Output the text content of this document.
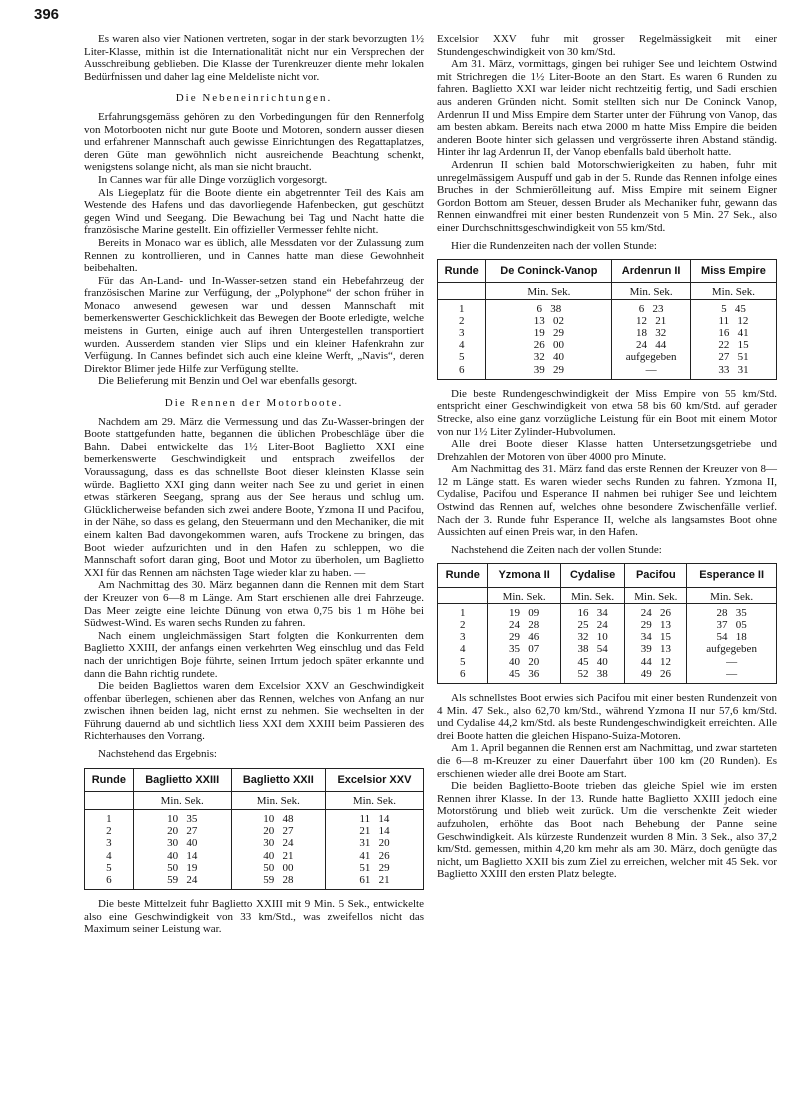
396

Es waren also vier Nationen vertreten, sogar in der stark bevorzugten 1½ Liter-Klasse, mithin ist die Internationalität nicht nur ein Versprechen der Ausschreibung geblieben. Die Klasse der Turenkreuzer diente mehr lokalen Bedürfnissen und daher lag eine Meldeliste nicht vor.

Die Nebeneinrichtungen.

Erfahrungsgemäss gehören zu den Vorbedingungen für den Rennerfolg von Motorbooten nicht nur gute Boote und Motoren, sondern ausser diesen und erfahrener Mannschaft auch gewisse Einrichtungen des Regattaplatzes, deren Güte man gewöhnlich nicht ausreichende Beachtung schenkt, wenigstens solange nicht, als man sie nicht braucht.

In Cannes war für alle Dinge vorzüglich vorgesorgt.

Als Liegeplatz für die Boote diente ein abgetrennter Teil des Kais am Westende des Hafens und das davorliegende Hafenbecken, gut geschützt gegen Wind und Seegang. Die Bewachung bei Tag und Nacht hatte die französische Marine gestellt. Ein offizieller Vermesser fehlte nicht.

Bereits in Monaco war es üblich, alle Messdaten vor der Zulassung zum Rennen zu kontrollieren, und in Cannes hatte man diese Gewohnheit beibehalten.

Für das An-Land- und In-Wasser-setzen stand ein Hebefahrzeug der französischen Marine zur Verfügung, der „Polyphone“ der schon früher in Monaco anwesend gewesen war und dessen Mannschaft mit bemerkenswerter Geschicklichkeit das Bewegen der Boote erledigte, welche meistens in Gurten, einige auch auf ihren Untergestellen transportiert wurden. Ausserdem standen vier Slips und ein kleiner Hafenkrahn zur Verfügung. In Cannes befindet sich auch eine kleine Werft, „Navis“, deren Direktor Blimer jede Hilfe zur Verfügung stellte.

Die Belieferung mit Benzin und Oel war ebenfalls gesorgt.

Die Rennen der Motorboote.

Nachdem am 29. März die Vermessung und das Zu-Wasser-bringen der Boote stattgefunden hatte, begannen die üblichen Probeschläge über die Bahn. Dabei entwickelte das 1½ Liter-Boot Baglietto XXI eine bemerkenswerte Geschwindigkeit und entsprach zweifellos der Voraussagung, dass es das schnellste Boot dieser kleinsten Klasse sein würde. Baglietto XXI ging dann weiter nach See zu und geriet in einen etwas stärkeren Seegang, sprang aus der See heraus und schlug um. Glücklicherweise befanden sich zwei andere Boote, Yzmona II und Pacifou, in der Nähe, so dass es gelang, den Steuermann und den Mechaniker, die mit einem kalten Bad davongekommen waren, aufs Trockene zu bringen, das Boot wieder aufzurichten und in den Hafen zu schleppen, wo die Mannschaft sofort daran ging, Boot und Motor zu überholen, um Baglietto XXI für das Rennen am nächsten Tage wieder klar zu haben. —

Am Nachmittag des 30. März begannen dann die Rennen mit dem Start der Kreuzer von 6—8 m Länge. Am Start erschienen alle drei Fahrzeuge. Das Meer zeigte eine leichte Dünung von etwa 0,75 bis 1 m Höhe bei Südwest-Wind. Es waren sechs Runden zu fahren.

Nach einem ungleichmässigen Start folgten die Konkurrenten dem Baglietto XXIII, der anfangs einen verkehrten Weg einschlug und das Feld nach der unrichtigen Boje führte, seinen Irrtum jedoch später erkannte und dann die Bahn richtig rundete.

Die beiden Bagliettos waren dem Excelsior XXV an Geschwindigkeit offenbar überlegen, schienen aber das Rennen, welches von Anfang an nur zwischen ihnen beiden lag, nicht ernst zu nehmen. Sie wechselten in der Führung dauernd ab und sichtlich liess XXI dem XXIII beim Passieren des Richterhauses den Vorrang.

Nachstehend das Ergebnis:

Runde	Baglietto XXIII	Baglietto XXII	Excelsior XXV
	Min. Sek.	Min. Sek.	Min. Sek.
1	10   35	10   48	11   14
2	20   27	20   27	21   14
3	30   40	30   24	31   20
4	40   14	40   21	41   26
5	50   19	50   00	51   29
6	59   24	59   28	61   21

Die beste Mittelzeit fuhr Baglietto XXIII mit 9 Min. 5 Sek., entwickelte also eine Geschwindigkeit von 33 km/Std., was zweifellos nicht das Maximum seiner Leistung war.

Excelsior XXV fuhr mit grosser Regelmässigkeit mit einer Stundengeschwindigkeit von 30 km/Std.

Am 31. März, vormittags, gingen bei ruhiger See und leichtem Ostwind mit Strichregen die 1½ Liter-Boote an den Start. Es waren 6 Runden zu fahren. Baglietto XXI war leider nicht rechtzeitig fertig, und Sadi erschien aus anderen Gründen nicht. Somit stellten sich nur De Coninck Vanop, Ardenrun II und Miss Empire dem Starter unter der Führung von Vanop, das am besten abkam. Bereits nach etwa 2000 m hatte Miss Empire die beiden anderen Boote hinter sich gelassen und vergrösserte ihren Abstand ständig. Hinter ihr lag Ardenrun II, der Vanop ebenfalls bald überholt hatte.

Ardenrun II schien bald Motorschwierigkeiten zu haben, fuhr mit unregelmässigem Auspuff und gab in der 5. Runde das Rennen infolge eines Bruches in der Schmierölleitung auf. Miss Empire mit seinem Eigner Gordon Bottom am Steuer, dessen Bruder als Mechaniker fuhr, gewann das Rennen einwandfrei mit einer besten Rundenzeit von 5 Min. 27 Sek., also einer Durchschnittsgeschwindigkeit von 55 km/Std.

Hier die Rundenzeiten nach der vollen Stunde:

Runde	De Coninck-Vanop	Ardenrun II	Miss Empire
	Min. Sek.	Min. Sek.	Min. Sek.
1	6   38	6   23	5   45
2	13   02	12   21	11   12
3	19   29	18   32	16   41
4	26   00	24   44	22   15
5	32   40	aufgegeben	27   51
6	39   29	—	33   31

Die beste Rundengeschwindigkeit der Miss Empire von 55 km/Std. entspricht einer Geschwindigkeit von etwa 58 bis 60 km/Std. auf gerader Strecke, also eine ganz vorzügliche Leistung für ein Boot mit einem Motor von nur 1½ Liter Zylinder-Hubvolumen.

Alle drei Boote dieser Klasse hatten Untersetzungsgetriebe und Drehzahlen der Motoren von über 4000 pro Minute.

Am Nachmittag des 31. März fand das erste Rennen der Kreuzer von 8—12 m Länge statt. Es waren wieder sechs Runden zu fahren. Yzmona II, Cydalise, Pacifou und Esperance II nahmen bei ruhiger See und leichtem Ostwind das Rennen auf, welches ohne besondere Zwischenfälle verlief. Nach der 3. Runde fuhr Esperance II, welche als langsamstes Boot ohne Aussichten auf einen Preis war, in den Hafen.

Nachstehend die Zeiten nach der vollen Stunde:

Runde	Yzmona II	Cydalise	Pacifou	Esperance II
	Min. Sek.	Min. Sek.	Min. Sek.	Min. Sek.
1	19   09	16   34	24   26	28   35
2	24   28	25   24	29   13	37   05
3	29   46	32   10	34   15	54   18
4	35   07	38   54	39   13	aufgegeben
5	40   20	45   40	44   12	—
6	45   36	52   38	49   26	—

Als schnellstes Boot erwies sich Pacifou mit einer besten Rundenzeit von 4 Min. 47 Sek., also 62,70 km/Std., während Yzmona II nur 57,6 km/Std. und Cydalise 44,2 km/Std. als beste Rundengeschwindigkeit erreichten. Alle drei Boote hatten die gleichen Hispano-Suiza-Motoren.

Am 1. April begannen die Rennen erst am Nachmittag, und zwar starteten die 6—8 m-Kreuzer zu einer Dauerfahrt über 100 km (20 Runden). Es erschienen wieder alle drei Boote am Start.

Die beiden Baglietto-Boote trieben das gleiche Spiel wie im ersten Rennen ihrer Klasse. In der 13. Runde hatte Baglietto XXIII jedoch eine Motorstörung und blieb weit zurück. Um die verschenkte Zeit wieder aufzuholen, erhöhte das Boot nach Behebung der Panne seine Geschwindigkeit. Als kürzeste Rundenzeit wurden 8 Min. 3 Sek., also 37,2 km/Std. gemessen, mithin 4,20 km mehr als am 30. März, doch genügte das nicht, um Baglietto XXII bis zum Ziel zu erreichen, welcher mit 45 Sek. vor Baglietto XXIII den ersten Platz belegte.
